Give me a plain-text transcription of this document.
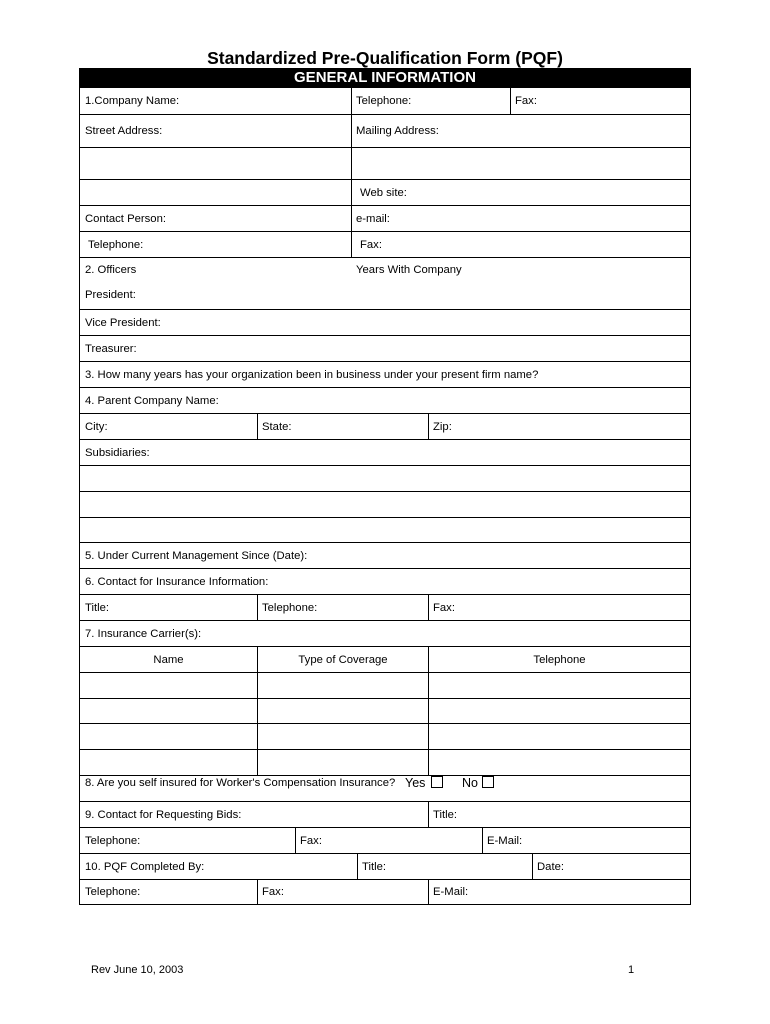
Standardized Pre-Qualification Form (PQF)
GENERAL INFORMATION
1.Company Name:	Telephone:	Fax:
Street Address:	Mailing Address:
Web site:
Contact Person:	e-mail:
Telephone:	Fax:
2. Officers	Years With Company
President:
Vice President:
Treasurer:
3. How many years has your organization been in business under your present firm name?
4. Parent Company Name:
City:	State:	Zip:
Subsidiaries:
5. Under Current Management Since (Date):
6. Contact for Insurance Information:
Title:	Telephone:	Fax:
7. Insurance Carrier(s):
Name	Type of Coverage	Telephone
8. Are you self insured for Worker's Compensation Insurance? Yes	No
9. Contact for Requesting Bids:	Title:
Telephone:	Fax:	E-Mail:
10. PQF Completed By:	Title:	Date:
Telephone:	Fax:	E-Mail:
Rev June 10, 2003	1
